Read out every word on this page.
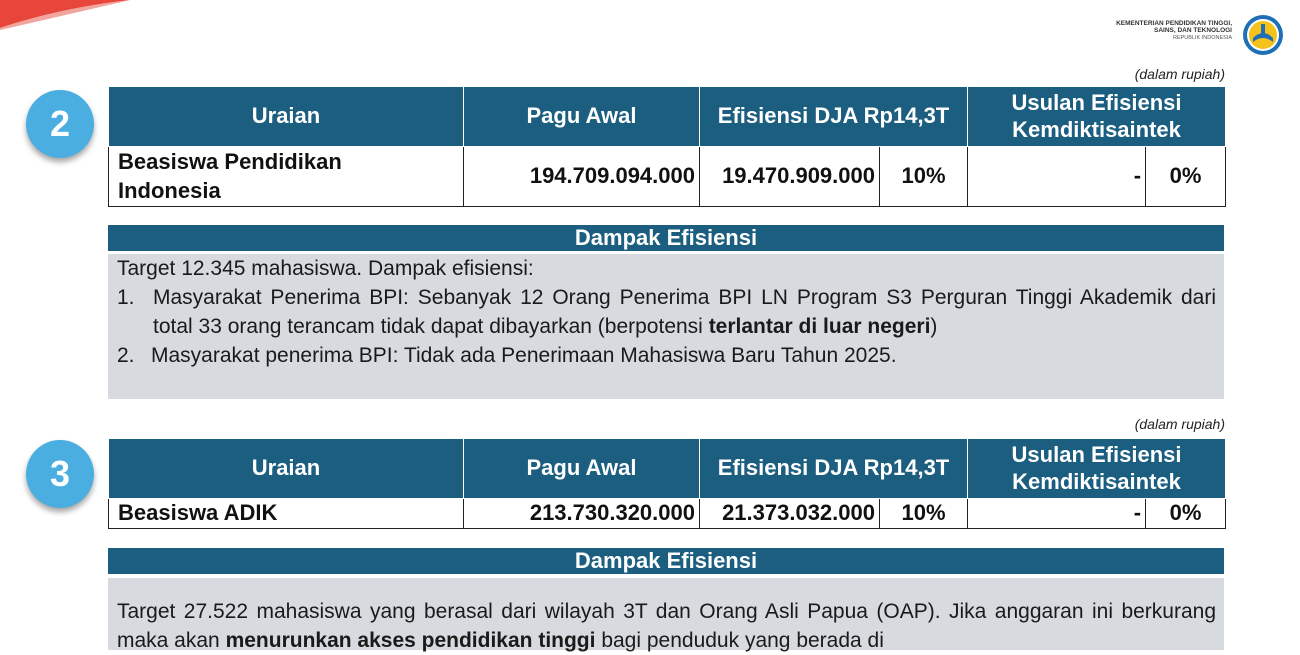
KEMENTERIAN PENDIDIKAN TINGGI,
SAINS, DAN TEKNOLOGI
REPUBLIK INDONESIA
(dalam rupiah)
2	Uraian	Pagu Awal	Efisiensi DJA Rp14,3T		Usulan Efisiensi
Kemdiktisaintek	
Beasiswa Pendidikan
Indonesia	194.709.094.000	19.470.909.000	10%	-	0%
Dampak Efisiensi

Target 12.345 mahasiswa. Dampak efisiensi:

1. Masyarakat Penerima BPI: Sebanyak 12 Orang Penerima BPI LN Program S3 Perguran Tinggi Akademik dari total 33 orang terancam tidak dapat dibayarkan (berpotensi terlantar di luar negeri)
2. Masyarakat penerima BPI: Tidak ada Penerimaan Mahasiswa Baru Tahun 2025.
(dalam rupiah)
3	Uraian	Pagu Awal	Efisiensi DJA Rp14,3T		Usulan Efisiensi
Kemdiktisaintek	
Beasiswa ADIK	213.730.320.000	21.373.032.000	10%	-	0%
Dampak Efisiensi

Target 27.522 mahasiswa yang berasal dari wilayah 3T dan Orang Asli Papua (OAP). Jika anggaran ini berkurang maka akan menurunkan akses pendidikan tinggi bagi penduduk yang berada di
